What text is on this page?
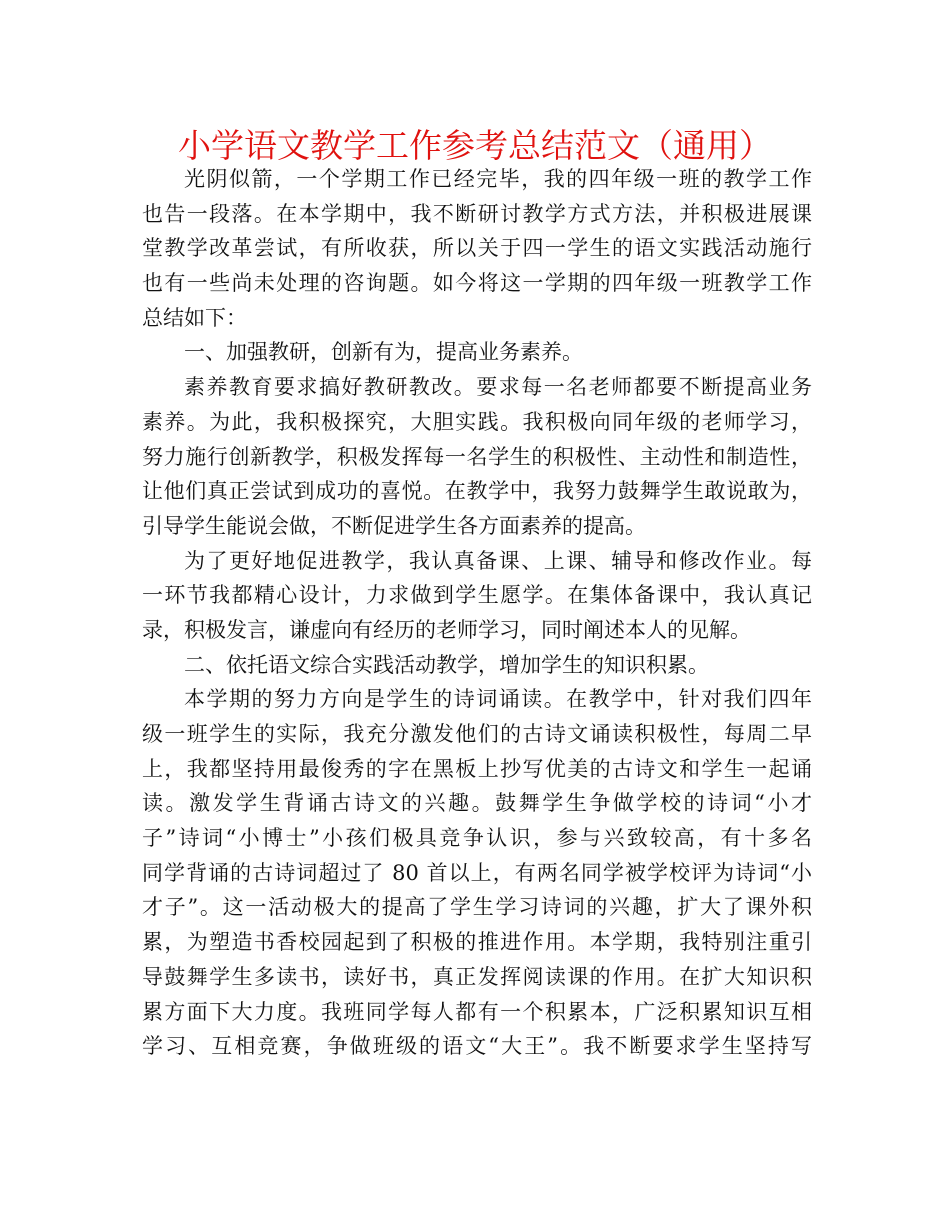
小学语文教学工作参考总结范文（通用）

光阴似箭，一个学期工作已经完毕，我的四年级一班的教学工作
也告一段落。在本学期中，我不断研讨教学方式方法，并积极进展课
堂教学改革尝试，有所收获，所以关于四一学生的语文实践活动施行
也有一些尚未处理的咨询题。如今将这一学期的四年级一班教学工作
总结如下：

一、加强教研，创新有为，提高业务素养。

素养教育要求搞好教研教改。要求每一名老师都要不断提高业务
素养。为此，我积极探究，大胆实践。我积极向同年级的老师学习，
努力施行创新教学，积极发挥每一名学生的积极性、主动性和制造性，
让他们真正尝试到成功的喜悦。在教学中，我努力鼓舞学生敢说敢为，
引导学生能说会做，不断促进学生各方面素养的提高。

为了更好地促进教学，我认真备课、上课、辅导和修改作业。每
一环节我都精心设计，力求做到学生愿学。在集体备课中，我认真记
录，积极发言，谦虚向有经历的老师学习，同时阐述本人的见解。

二、依托语文综合实践活动教学，增加学生的知识积累。

本学期的努力方向是学生的诗词诵读。在教学中，针对我们四年
级一班学生的实际，我充分激发他们的古诗文诵读积极性，每周二早
上，我都坚持用最俊秀的字在黑板上抄写优美的古诗文和学生一起诵
读。激发学生背诵古诗文的兴趣。鼓舞学生争做学校的诗词“小才
子”诗词“小博士”小孩们极具竞争认识，参与兴致较高，有十多名
同学背诵的古诗词超过了 80 首以上，有两名同学被学校评为诗词“小
才子”。这一活动极大的提高了学生学习诗词的兴趣，扩大了课外积
累，为塑造书香校园起到了积极的推进作用。本学期，我特别注重引
导鼓舞学生多读书，读好书，真正发挥阅读课的作用。在扩大知识积
累方面下大力度。我班同学每人都有一个积累本，广泛积累知识互相
学习、互相竞赛，争做班级的语文“大王”。我不断要求学生坚持写
